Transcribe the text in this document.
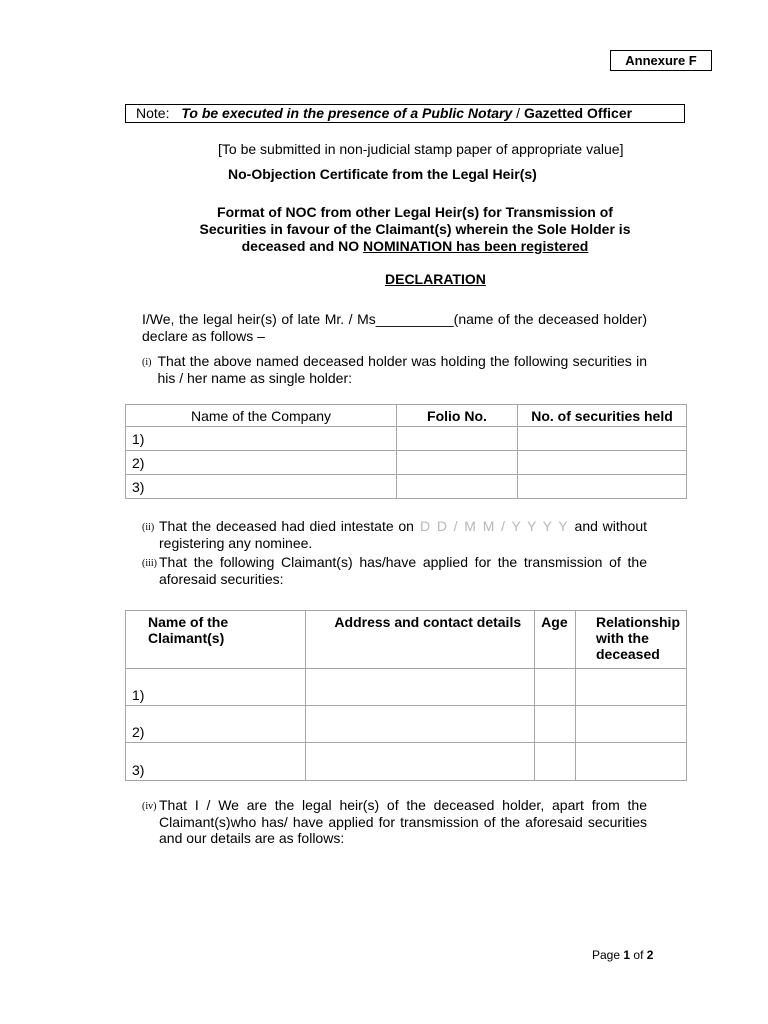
Annexure F
Note: To be executed in the presence of a Public Notary / Gazetted Officer
[To be submitted in non-judicial stamp paper of appropriate value]
No-Objection Certificate from the Legal Heir(s)
Format of NOC from other Legal Heir(s) for Transmission of
Securities in favour of the Claimant(s) wherein the Sole Holder is
deceased and NO NOMINATION has been registered
DECLARATION
I/We, the legal heir(s) of late Mr. / Ms__________(name of the deceased holder) declare as follows –
(i) That the above named deceased holder was holding the following securities in his / her name as single holder:
Name of the Company	Folio No.	No. of securities held
1)		
2)		
3)		
(ii) That the deceased had died intestate on D D / M M / Y Y Y Y and without registering any nominee.
(iii) That the following Claimant(s) has/have applied for the transmission of the aforesaid securities:
Name of the Claimant(s)	Address and contact details	Age	Relationship with the deceased
1)			
2)			
3)			
(iv) That I / We are the legal heir(s) of the deceased holder, apart from the Claimant(s)who has/ have applied for transmission of the aforesaid securities and our details are as follows:
Page 1 of 2
